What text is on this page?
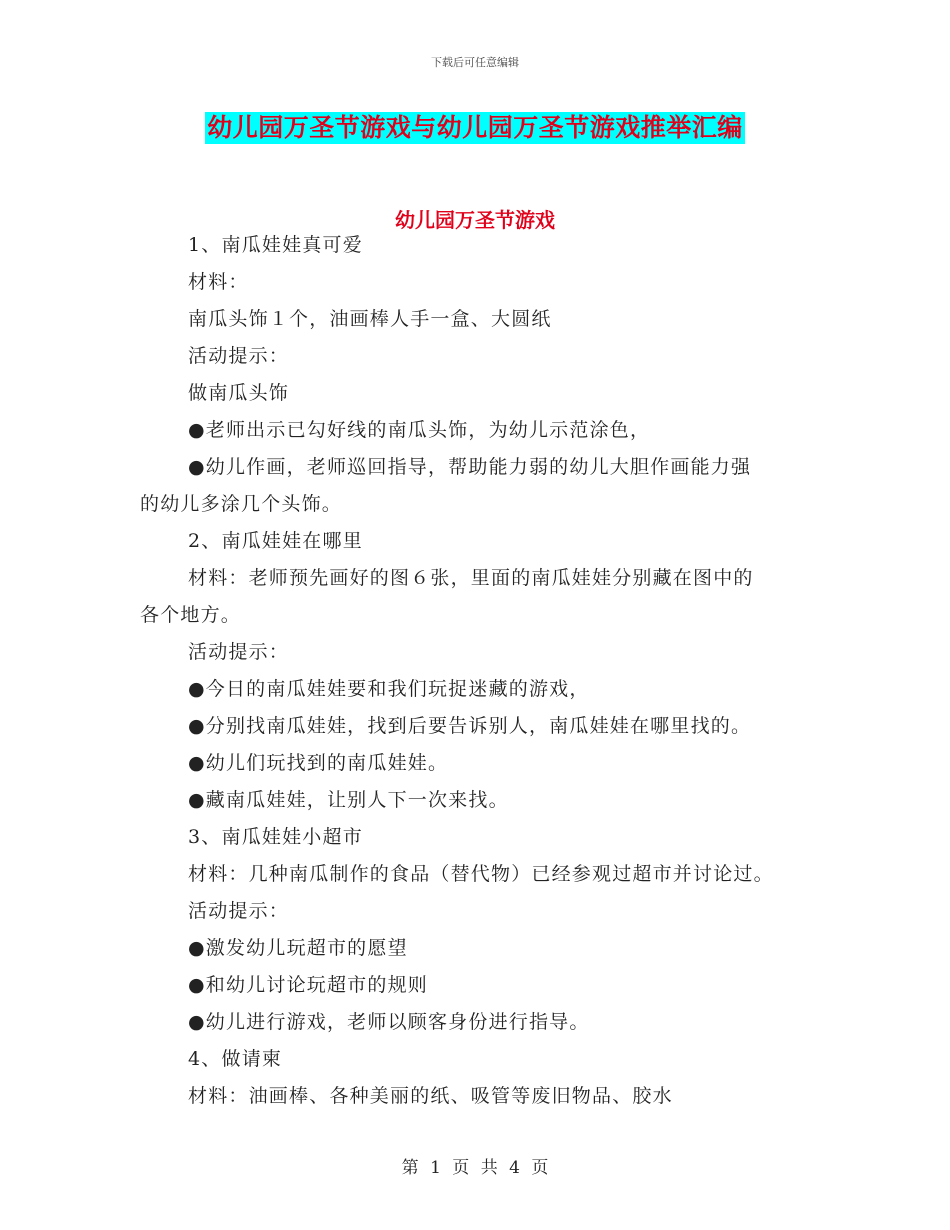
下载后可任意编辑
幼儿园万圣节游戏与幼儿园万圣节游戏推举汇编
幼儿园万圣节游戏
1、南瓜娃娃真可爱
材料：
南瓜头饰１个，油画棒人手一盒、大圆纸
活动提示：
做南瓜头饰
●老师出示已勾好线的南瓜头饰，为幼儿示范涂色，
●幼儿作画，老师巡回指导，帮助能力弱的幼儿大胆作画能力强
的幼儿多涂几个头饰。
2、南瓜娃娃在哪里
材料：老师预先画好的图６张，里面的南瓜娃娃分别藏在图中的
各个地方。
活动提示：
●今日的南瓜娃娃要和我们玩捉迷藏的游戏，
●分别找南瓜娃娃，找到后要告诉别人，南瓜娃娃在哪里找的。
●幼儿们玩找到的南瓜娃娃。
●藏南瓜娃娃，让别人下一次来找。
3、南瓜娃娃小超市
材料：几种南瓜制作的食品（替代物）已经参观过超市并讨论过。
活动提示：
●激发幼儿玩超市的愿望
●和幼儿讨论玩超市的规则
●幼儿进行游戏，老师以顾客身份进行指导。
4、做请柬
材料：油画棒、各种美丽的纸、吸管等废旧物品、胶水
第 1 页 共 4 页
